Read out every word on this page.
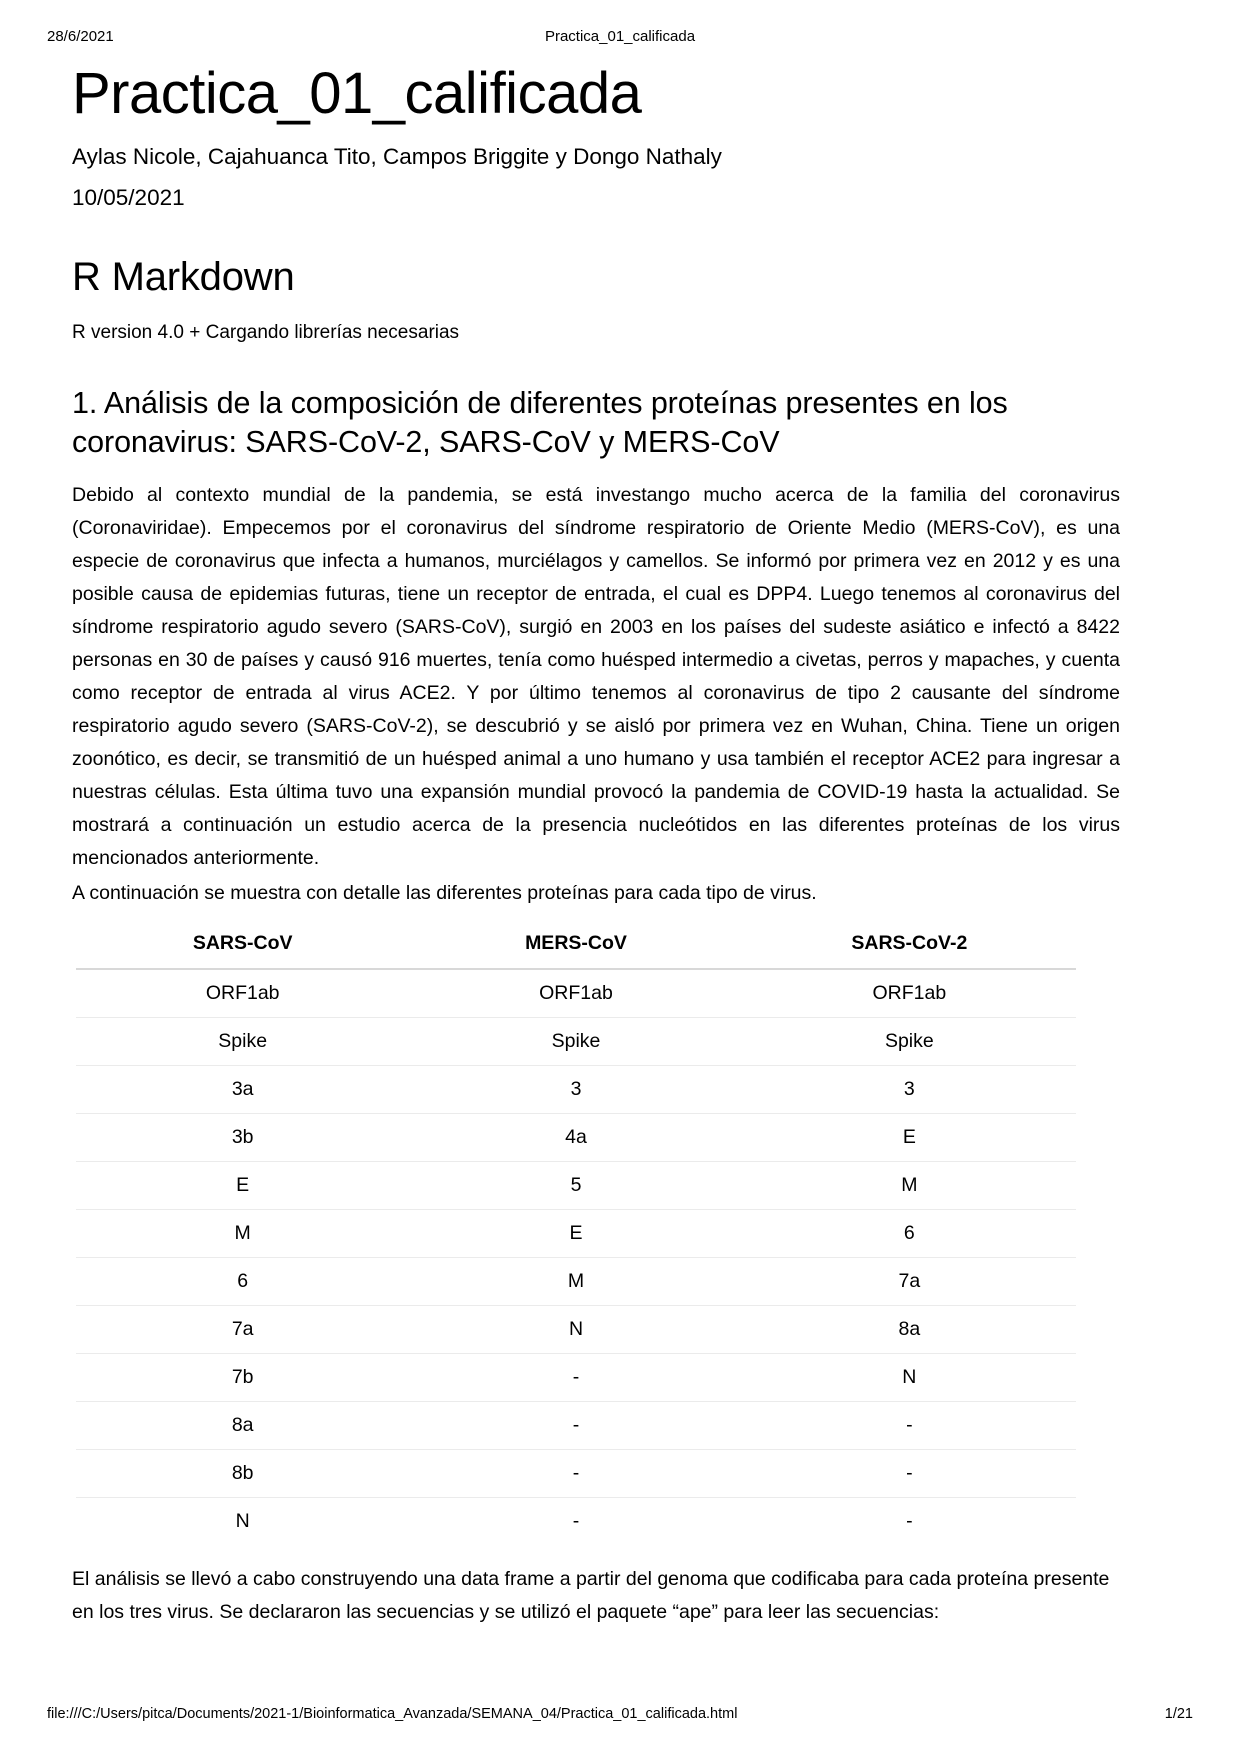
28/6/2021	Practica_01_calificada
Practica_01_calificada
Aylas Nicole, Cajahuanca Tito, Campos Briggite y Dongo Nathaly
10/05/2021
R Markdown

R version 4.0 + Cargando librerías necesarias

1. Análisis de la composición de diferentes proteínas presentes en los coronavirus: SARS-CoV-2, SARS-CoV y MERS-CoV

Debido al contexto mundial de la pandemia, se está investango mucho acerca de la familia del coronavirus (Coronaviridae). Empecemos por el coronavirus del síndrome respiratorio de Oriente Medio (MERS-CoV), es una especie de coronavirus que infecta a humanos, murciélagos y camellos. Se informó por primera vez en 2012 y es una posible causa de epidemias futuras, tiene un receptor de entrada, el cual es DPP4. Luego tenemos al coronavirus del síndrome respiratorio agudo severo (SARS-CoV), surgió en 2003 en los países del sudeste asiático e infectó a 8422 personas en 30 de países y causó 916 muertes, tenía como huésped intermedio a civetas, perros y mapaches, y cuenta como receptor de entrada al virus ACE2. Y por último tenemos al coronavirus de tipo 2 causante del síndrome respiratorio agudo severo (SARS-CoV-2), se descubrió y se aisló por primera vez en Wuhan, China. Tiene un origen zoonótico, es decir, se transmitió de un huésped animal a uno humano y usa también el receptor ACE2 para ingresar a nuestras células. Esta última tuvo una expansión mundial provocó la pandemia de COVID-19 hasta la actualidad. Se mostrará a continuación un estudio acerca de la presencia nucleótidos en las diferentes proteínas de los virus mencionados anteriormente.

A continuación se muestra con detalle las diferentes proteínas para cada tipo de virus.

SARS-CoV	MERS-CoV	SARS-CoV-2
ORF1ab	ORF1ab	ORF1ab
Spike	Spike	Spike
3a	3	3
3b	4a	E
E	5	M
M	E	6
6	M	7a
7a	N	8a
7b	-	N
8a	-	-
8b	-	-
N	-	-

El análisis se llevó a cabo construyendo una data frame a partir del genoma que codificaba para cada proteína presente en los tres virus. Se declararon las secuencias y se utilizó el paquete “ape” para leer las secuencias:

file:///C:/Users/pitca/Documents/2021-1/Bioinformatica_Avanzada/SEMANA_04/Practica_01_calificada.html	1/21
